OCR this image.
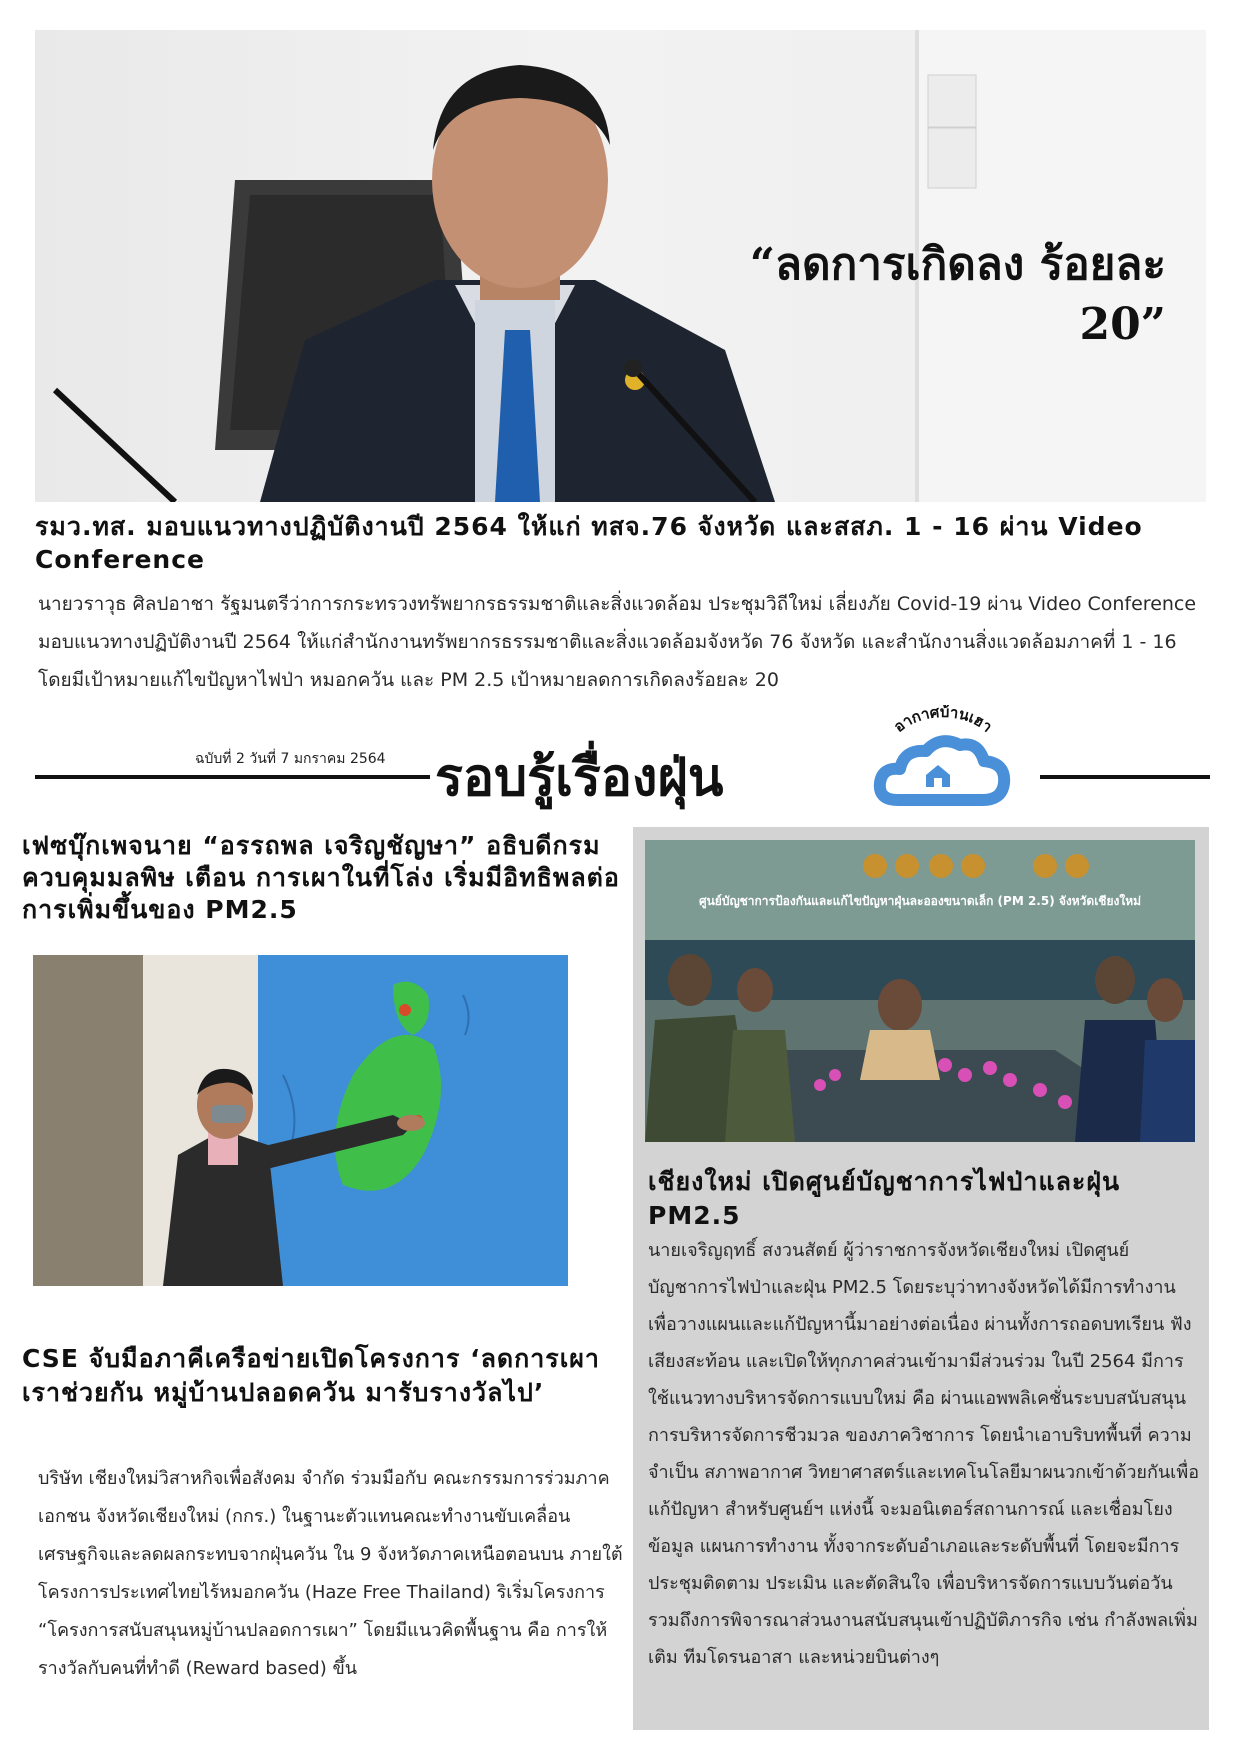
“ลดการเกิดลง ร้อยละ 20”
รมว.ทส. มอบแนวทางปฏิบัติงานปี 2564 ให้แก่ ทสจ.76 จังหวัด และสสภ. 1 - 16 ผ่าน Video Conference
นายวราวุธ ศิลปอาชา รัฐมนตรีว่าการกระทรวงทรัพยากรธรรมชาติและสิ่งแวดล้อม ประชุมวิถีใหม่ เลี่ยงภัย Covid-19 ผ่าน Video Conference มอบแนวทางปฏิบัติงานปี 2564 ให้แก่สำนักงานทรัพยากรธรรมชาติและสิ่งแวดล้อมจังหวัด 76 จังหวัด และสำนักงานสิ่งแวดล้อมภาคที่ 1 - 16 โดยมีเป้าหมายแก้ไขปัญหาไฟป่า หมอกควัน และ PM 2.5 เป้าหมายลดการเกิดลงร้อยละ 20
ฉบับที่ 2 วันที่ 7 มกราคม 2564 รอบรู้เรื่องฝุ่น
อากาศบ้านเฮา
เฟซบุ๊กเพจนาย “อรรถพล เจริญชัญษา” อธิบดีกรมควบคุมมลพิษ เตือน การเผาในที่โล่ง เริ่มมีอิทธิพลต่อการเพิ่มขึ้นของ PM2.5
CSE จับมือภาคีเครือข่ายเปิดโครงการ ‘ลดการเผาเราช่วยกัน หมู่บ้านปลอดควัน มารับรางวัลไป’
บริษัท เชียงใหม่วิสาหกิจเพื่อสังคม จำกัด ร่วมมือกับ คณะกรรมการร่วมภาคเอกชน จังหวัดเชียงใหม่ (กกร.) ในฐานะตัวแทนคณะทำงานขับเคลื่อนเศรษฐกิจและลดผลกระทบจากฝุ่นควัน ใน 9 จังหวัดภาคเหนือตอนบน ภายใต้โครงการประเทศไทยไร้หมอกควัน (Haze Free Thailand) ริเริ่มโครงการ “โครงการสนับสนุนหมู่บ้านปลอดการเผา” โดยมีแนวคิดพื้นฐาน คือ การให้รางวัลกับคนที่ทำดี (Reward based) ขึ้น
ศูนย์บัญชาการป้องกันและแก้ไขปัญหาฝุ่นละอองขนาดเล็ก (PM 2.5) จังหวัดเชียงใหม่
เชียงใหม่ เปิดศูนย์บัญชาการไฟป่าและฝุ่น PM2.5
นายเจริญฤทธิ์ สงวนสัตย์ ผู้ว่าราชการจังหวัดเชียงใหม่ เปิดศูนย์บัญชาการไฟป่าและฝุ่น PM2.5 โดยระบุว่าทางจังหวัดได้มีการทำงานเพื่อวางแผนและแก้ปัญหานี้มาอย่างต่อเนื่อง ผ่านทั้งการถอดบทเรียน ฟังเสียงสะท้อน และเปิดให้ทุกภาคส่วนเข้ามามีส่วนร่วม ในปี 2564 มีการใช้แนวทางบริหารจัดการแบบใหม่ คือ ผ่านแอพพลิเคชั่นระบบสนับสนุนการบริหารจัดการชีวมวล ของภาควิชาการ โดยนำเอาบริบทพื้นที่ ความจำเป็น สภาพอากาศ วิทยาศาสตร์และเทคโนโลยีมาผนวกเข้าด้วยกันเพื่อแก้ปัญหา สำหรับศูนย์ฯ แห่งนี้ จะมอนิเตอร์สถานการณ์ และเชื่อมโยงข้อมูล แผนการทำงาน ทั้งจากระดับอำเภอและระดับพื้นที่ โดยจะมีการประชุมติดตาม ประเมิน และตัดสินใจ เพื่อบริหารจัดการแบบวันต่อวัน รวมถึงการพิจารณาส่วนงานสนับสนุนเข้าปฏิบัติภารกิจ เช่น กำลังพลเพิ่มเติม ทีมโดรนอาสา และหน่วยบินต่างๆ
